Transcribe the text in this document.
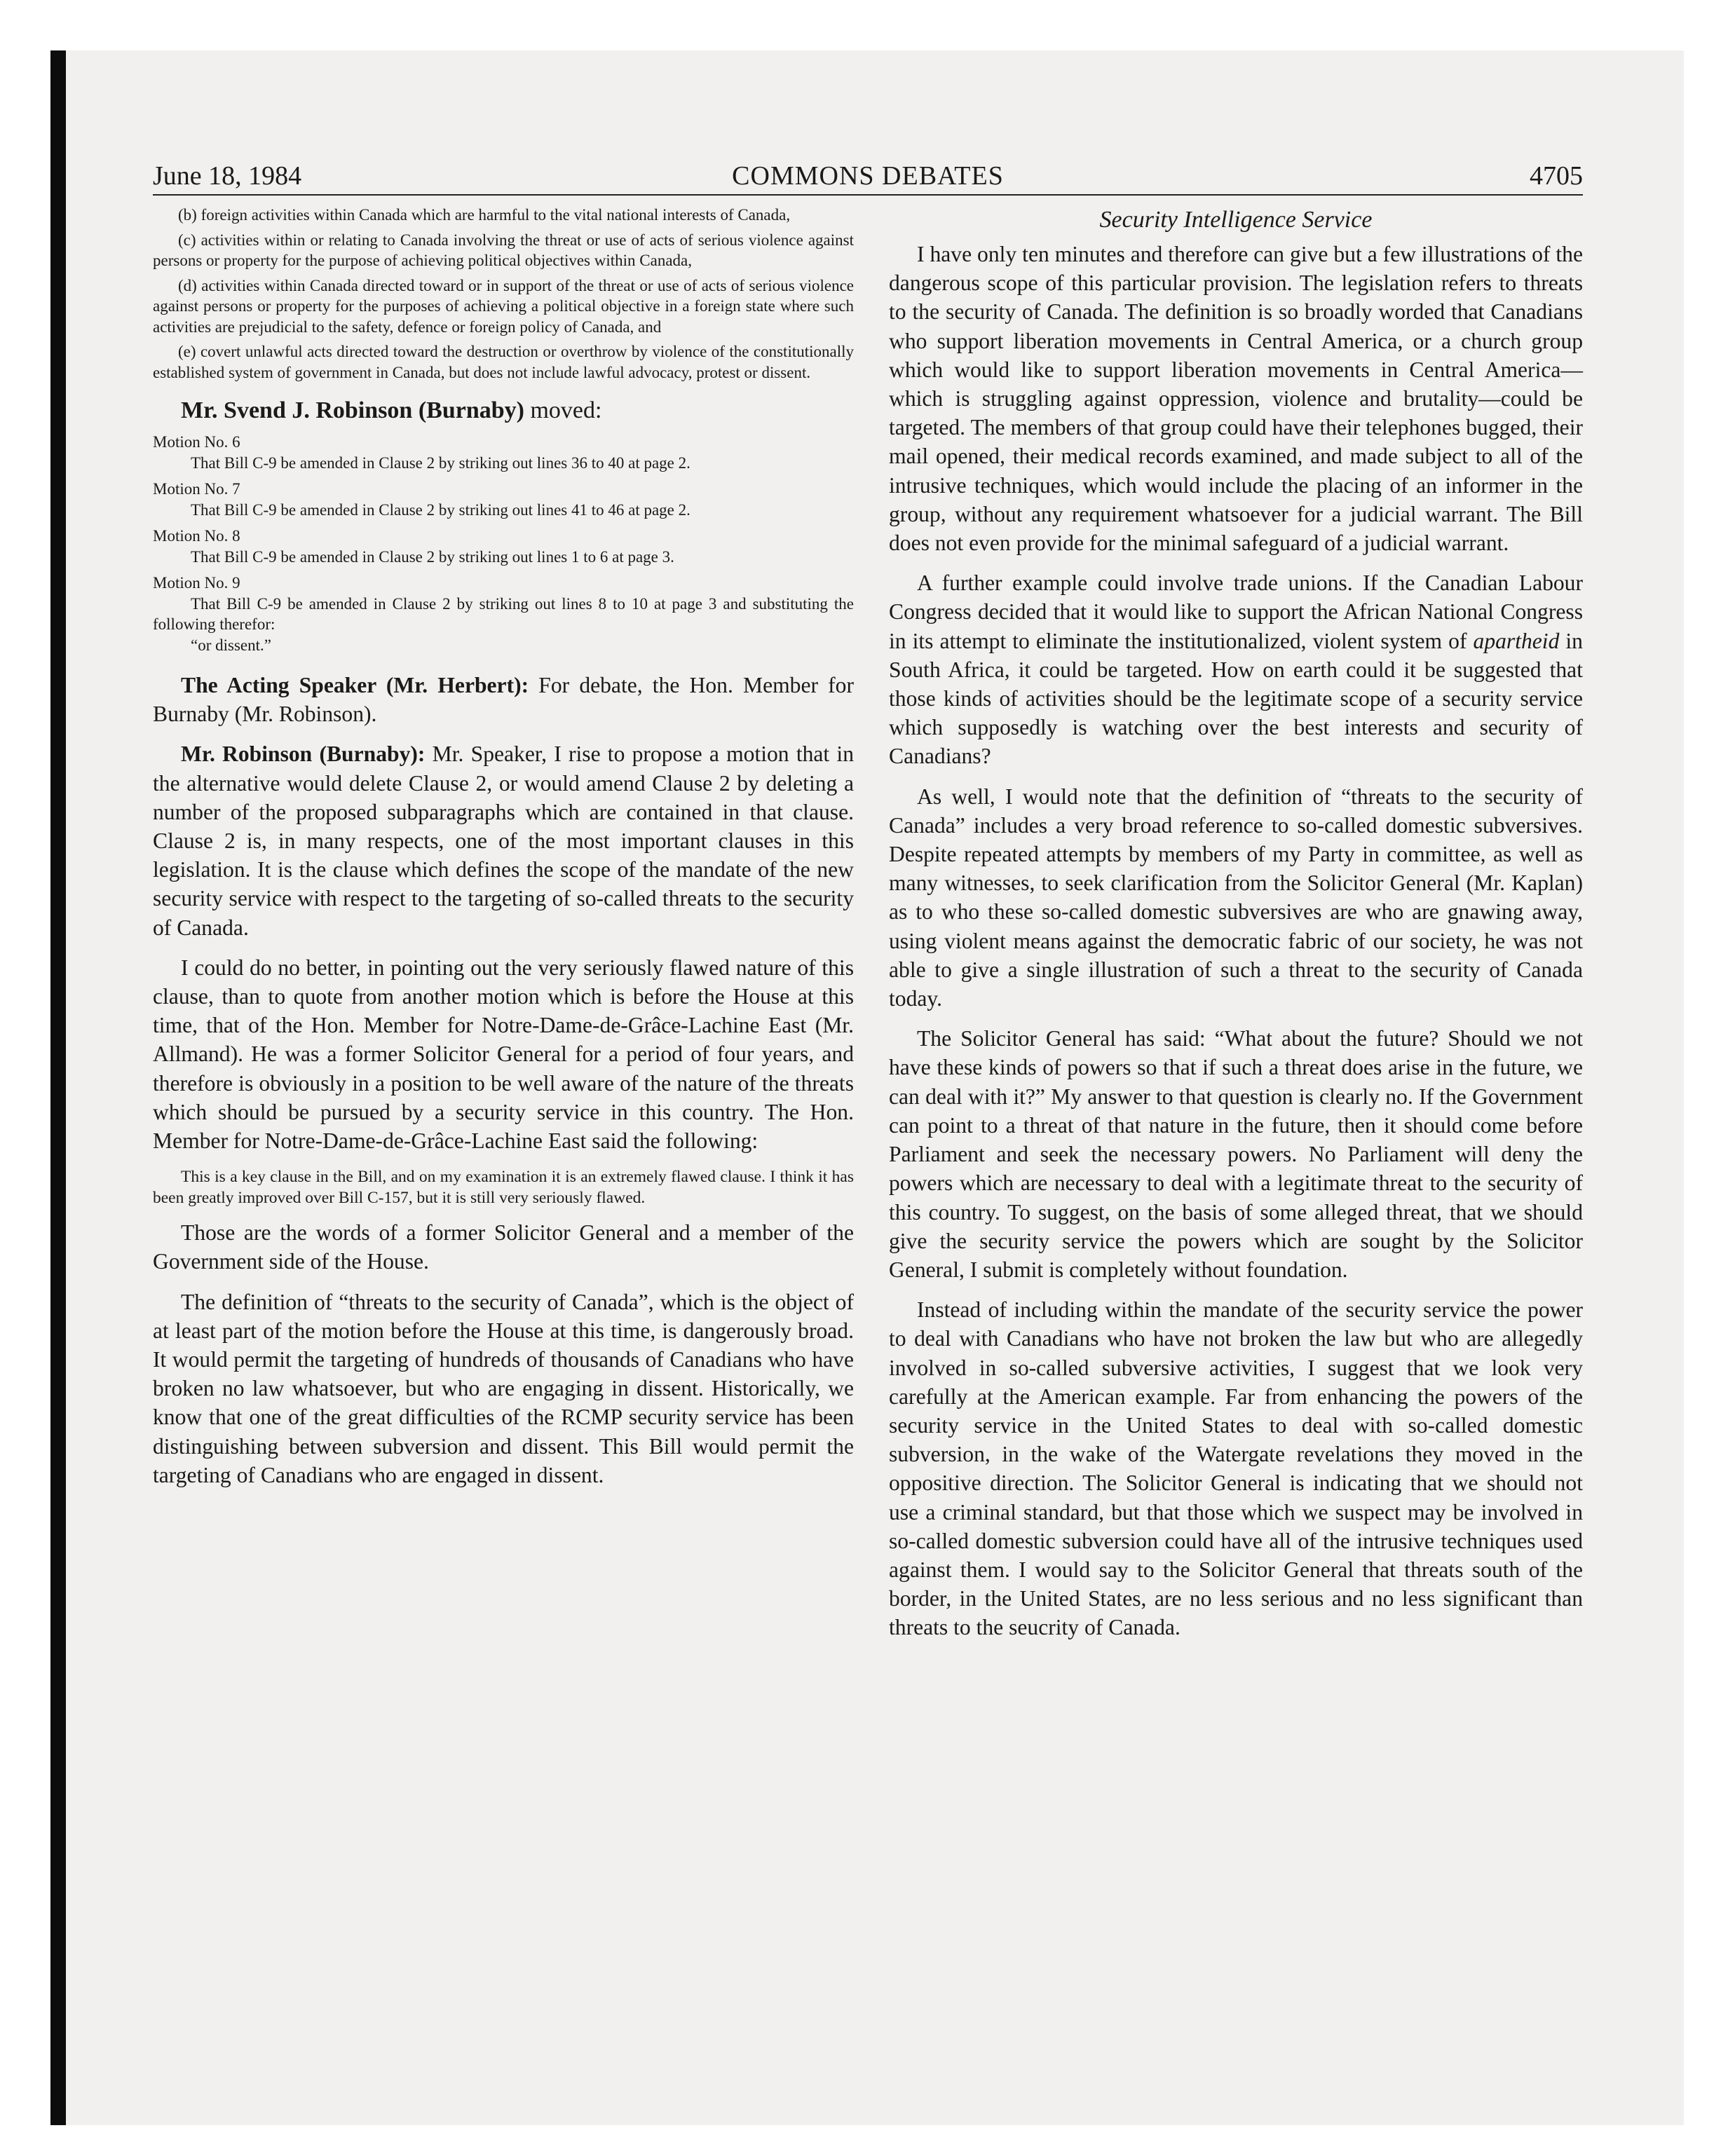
June 18, 1984	COMMONS DEBATES	4705

(b) foreign activities within Canada which are harmful to the vital national interests of Canada,

(c) activities within or relating to Canada involving the threat or use of acts of serious violence against persons or property for the purpose of achieving political objectives within Canada,

(d) activities within Canada directed toward or in support of the threat or use of acts of serious violence against persons or property for the purposes of achieving a political objective in a foreign state where such activities are prejudicial to the safety, defence or foreign policy of Canada, and

(e) covert unlawful acts directed toward the destruction or overthrow by violence of the constitutionally established system of government in Canada, but does not include lawful advocacy, protest or dissent.

Mr. Svend J. Robinson (Burnaby) moved:

Motion No. 6

That Bill C-9 be amended in Clause 2 by striking out lines 36 to 40 at page 2.

Motion No. 7

That Bill C-9 be amended in Clause 2 by striking out lines 41 to 46 at page 2.

Motion No. 8

That Bill C-9 be amended in Clause 2 by striking out lines 1 to 6 at page 3.

Motion No. 9

That Bill C-9 be amended in Clause 2 by striking out lines 8 to 10 at page 3 and substituting the following therefor:

“or dissent.”

The Acting Speaker (Mr. Herbert): For debate, the Hon. Member for Burnaby (Mr. Robinson).

Mr. Robinson (Burnaby): Mr. Speaker, I rise to propose a motion that in the alternative would delete Clause 2, or would amend Clause 2 by deleting a number of the proposed subparagraphs which are contained in that clause. Clause 2 is, in many respects, one of the most important clauses in this legislation. It is the clause which defines the scope of the mandate of the new security service with respect to the targeting of so-called threats to the security of Canada.

I could do no better, in pointing out the very seriously flawed nature of this clause, than to quote from another motion which is before the House at this time, that of the Hon. Member for Notre-Dame-de-Grâce-Lachine East (Mr. Allmand). He was a former Solicitor General for a period of four years, and therefore is obviously in a position to be well aware of the nature of the threats which should be pursued by a security service in this country. The Hon. Member for Notre-Dame-de-Grâce-Lachine East said the following:

This is a key clause in the Bill, and on my examination it is an extremely flawed clause. I think it has been greatly improved over Bill C-157, but it is still very seriously flawed.

Those are the words of a former Solicitor General and a member of the Government side of the House.

The definition of “threats to the security of Canada”, which is the object of at least part of the motion before the House at this time, is dangerously broad. It would permit the targeting of hundreds of thousands of Canadians who have broken no law whatsoever, but who are engaging in dissent. Historically, we know that one of the great difficulties of the RCMP security service has been distinguishing between subversion and dissent. This Bill would permit the targeting of Canadians who are engaged in dissent.

Security Intelligence Service

I have only ten minutes and therefore can give but a few illustrations of the dangerous scope of this particular provision. The legislation refers to threats to the security of Canada. The definition is so broadly worded that Canadians who support liberation movements in Central America, or a church group which would like to support liberation movements in Central America—which is struggling against oppression, violence and brutality—could be targeted. The members of that group could have their telephones bugged, their mail opened, their medical records examined, and made subject to all of the intrusive techniques, which would include the placing of an informer in the group, without any requirement whatsoever for a judicial warrant. The Bill does not even provide for the minimal safeguard of a judicial warrant.

A further example could involve trade unions. If the Canadian Labour Congress decided that it would like to support the African National Congress in its attempt to eliminate the institutionalized, violent system of apartheid in South Africa, it could be targeted. How on earth could it be suggested that those kinds of activities should be the legitimate scope of a security service which supposedly is watching over the best interests and security of Canadians?

As well, I would note that the definition of “threats to the security of Canada” includes a very broad reference to so-called domestic subversives. Despite repeated attempts by members of my Party in committee, as well as many witnesses, to seek clarification from the Solicitor General (Mr. Kaplan) as to who these so-called domestic subversives are who are gnawing away, using violent means against the democratic fabric of our society, he was not able to give a single illustration of such a threat to the security of Canada today.

The Solicitor General has said: “What about the future? Should we not have these kinds of powers so that if such a threat does arise in the future, we can deal with it?” My answer to that question is clearly no. If the Government can point to a threat of that nature in the future, then it should come before Parliament and seek the necessary powers. No Parliament will deny the powers which are necessary to deal with a legitimate threat to the security of this country. To suggest, on the basis of some alleged threat, that we should give the security service the powers which are sought by the Solicitor General, I submit is completely without foundation.

Instead of including within the mandate of the security service the power to deal with Canadians who have not broken the law but who are allegedly involved in so-called subversive activities, I suggest that we look very carefully at the American example. Far from enhancing the powers of the security service in the United States to deal with so-called domestic subversion, in the wake of the Watergate revelations they moved in the oppositive direction. The Solicitor General is indicating that we should not use a criminal standard, but that those which we suspect may be involved in so-called domestic subversion could have all of the intrusive techniques used against them. I would say to the Solicitor General that threats south of the border, in the United States, are no less serious and no less significant than threats to the seucrity of Canada.
